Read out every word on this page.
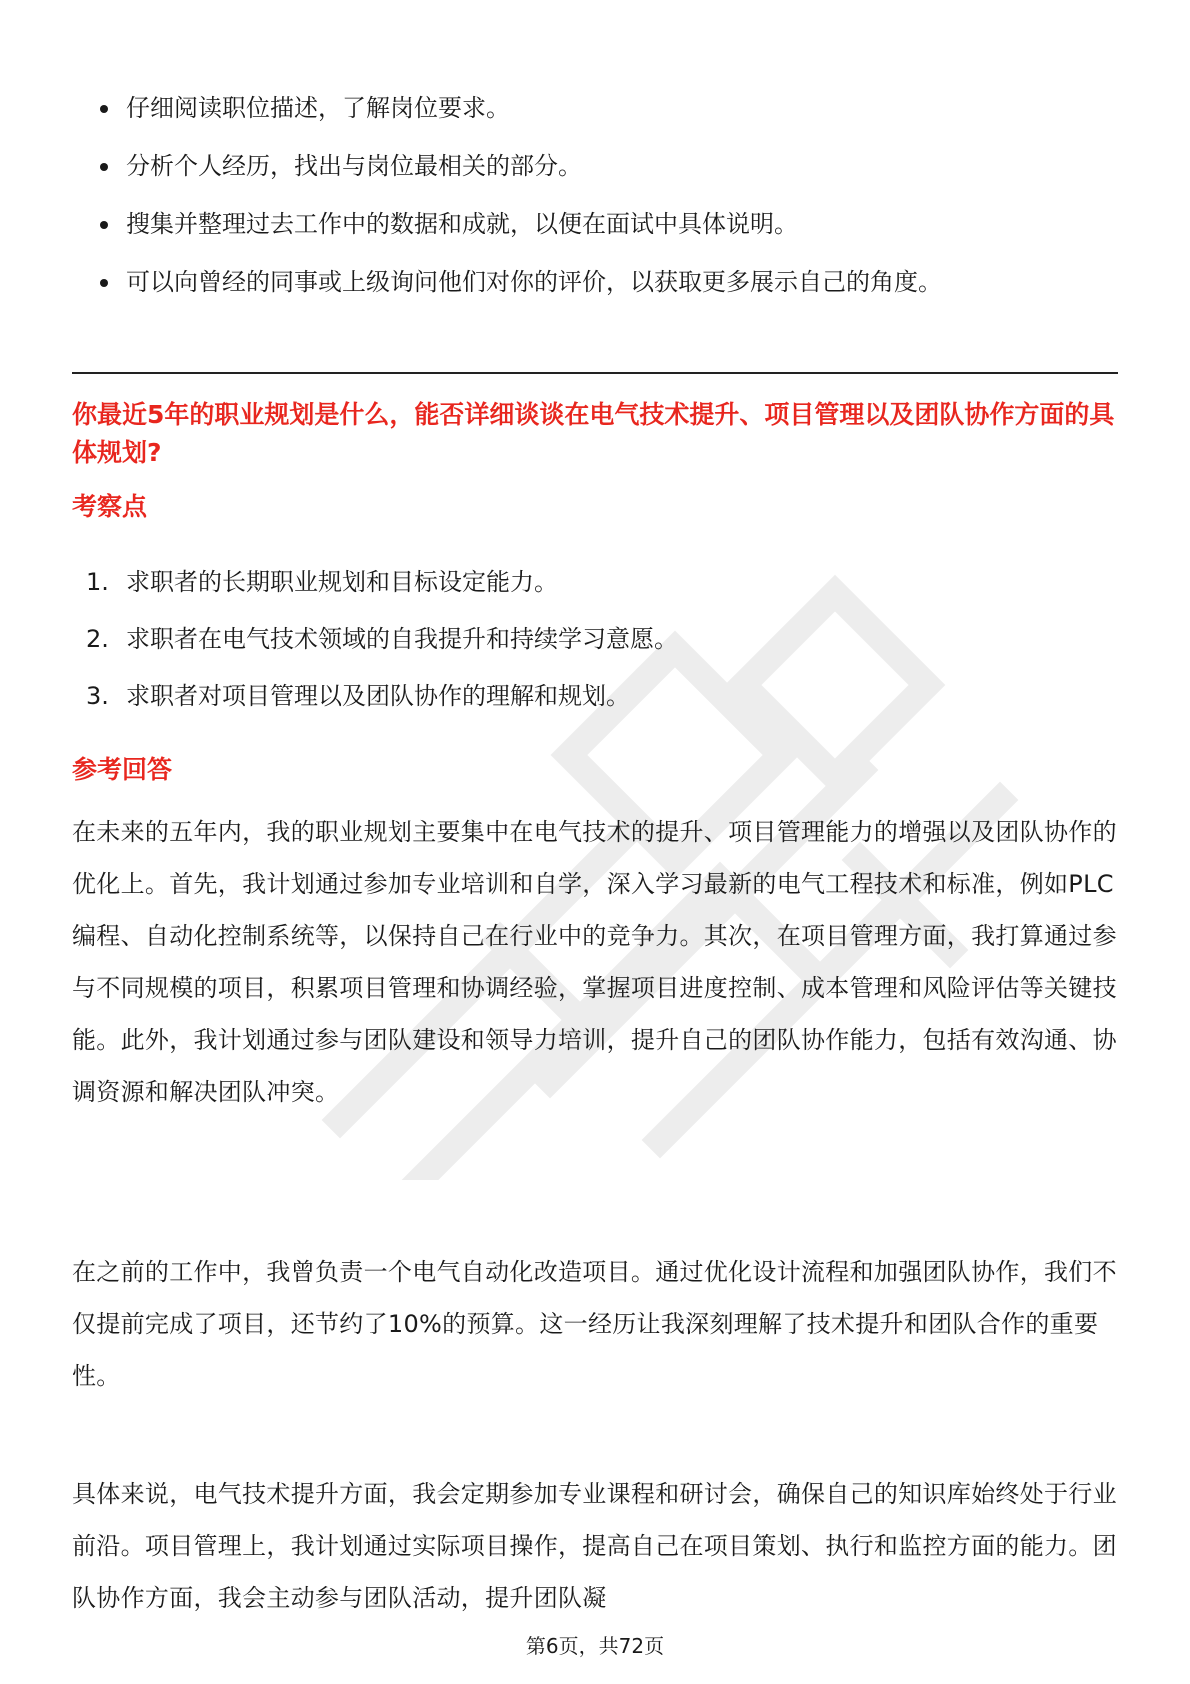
仔细阅读职位描述，了解岗位要求。
分析个人经历，找出与岗位最相关的部分。
搜集并整理过去工作中的数据和成就，以便在面试中具体说明。
可以向曾经的同事或上级询问他们对你的评价，以获取更多展示自己的角度。
你最近5年的职业规划是什么，能否详细谈谈在电气技术提升、项目管理以及团队协作方面的具体规划?
考察点
1. 求职者的长期职业规划和目标设定能力。
2. 求职者在电气技术领域的自我提升和持续学习意愿。
3. 求职者对项目管理以及团队协作的理解和规划。
参考回答

在未来的五年内，我的职业规划主要集中在电气技术的提升、项目管理能力的增强以及团队协作的优化上。首先，我计划通过参加专业培训和自学，深入学习最新的电气工程技术和标准，例如PLC编程、自动化控制系统等，以保持自己在行业中的竞争力。其次，在项目管理方面，我打算通过参与不同规模的项目，积累项目管理和协调经验，掌握项目进度控制、成本管理和风险评估等关键技能。此外，我计划通过参与团队建设和领导力培训，提升自己的团队协作能力，包括有效沟通、协调资源和解决团队冲突。

在之前的工作中，我曾负责一个电气自动化改造项目。通过优化设计流程和加强团队协作，我们不仅提前完成了项目，还节约了10%的预算。这一经历让我深刻理解了技术提升和团队合作的重要性。

具体来说，电气技术提升方面，我会定期参加专业课程和研讨会，确保自己的知识库始终处于行业前沿。项目管理上，我计划通过实际项目操作，提高自己在项目策划、执行和监控方面的能力。团队协作方面，我会主动参与团队活动，提升团队凝

第6页，共72页
